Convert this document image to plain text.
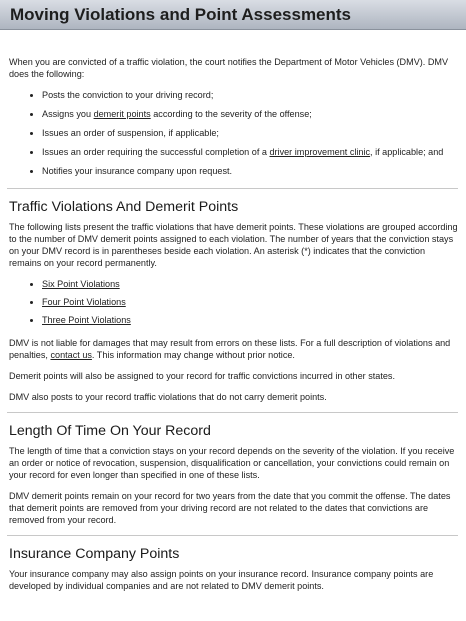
Moving Violations and Point Assessments

When you are convicted of a traffic violation, the court notifies the Department of Motor Vehicles (DMV). DMV does the following:

• Posts the conviction to your driving record;
• Assigns you demerit points according to the severity of the offense;
• Issues an order of suspension, if applicable;
• Issues an order requiring the successful completion of a driver improvement clinic, if applicable; and
• Notifies your insurance company upon request.
Traffic Violations And Demerit Points

The following lists present the traffic violations that have demerit points. These violations are grouped according to the number of DMV demerit points assigned to each violation. The number of years that the conviction stays on your DMV record is in parentheses beside each violation. An asterisk (*) indicates that the conviction remains on your record permanently.

• Six Point Violations
• Four Point Violations
• Three Point Violations

DMV is not liable for damages that may result from errors on these lists. For a full description of violations and penalties, contact us. This information may change without prior notice.

Demerit points will also be assigned to your record for traffic convictions incurred in other states.

DMV also posts to your record traffic violations that do not carry demerit points.

Length Of Time On Your Record

The length of time that a conviction stays on your record depends on the severity of the violation. If you receive an order or notice of revocation, suspension, disqualification or cancellation, your convictions could remain on your record for even longer than specified in one of these lists.

DMV demerit points remain on your record for two years from the date that you commit the offense. The dates that demerit points are removed from your driving record are not related to the dates that convictions are removed from your record.

Insurance Company Points

Your insurance company may also assign points on your insurance record. Insurance company points are developed by individual companies and are not related to DMV demerit points.
